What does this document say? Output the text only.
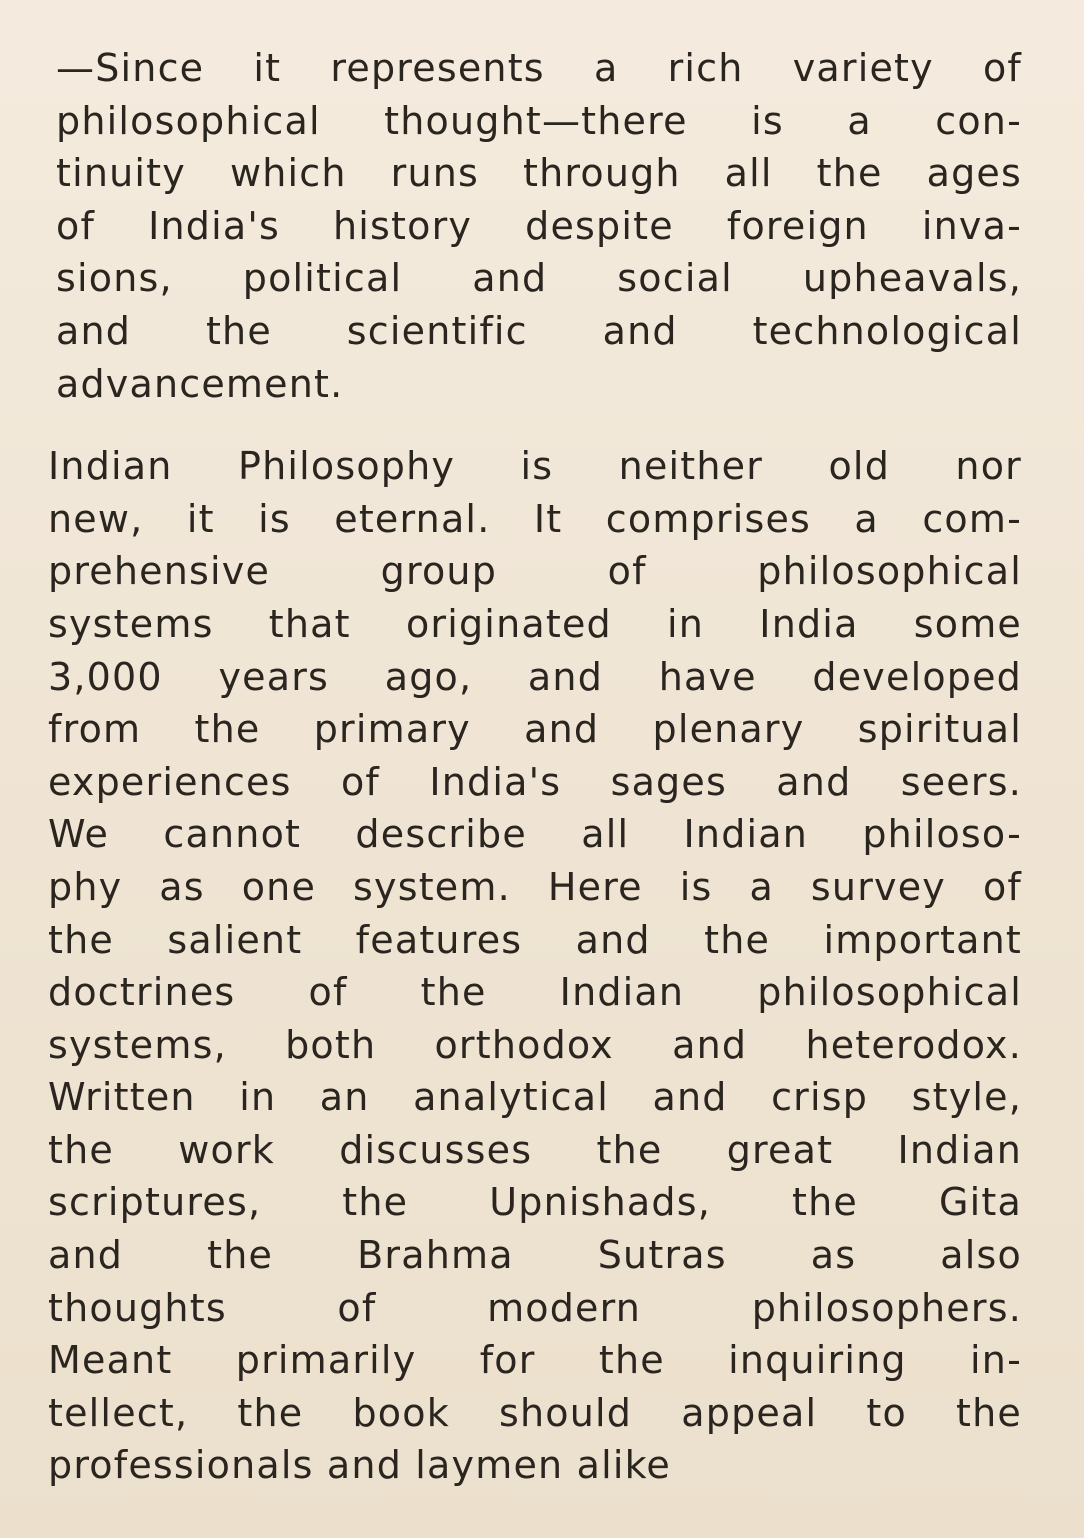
—Since it represents a rich variety of
philosophical thought—there is a con-
tinuity which runs through all the ages
of India's history despite foreign inva-
sions, political and social upheavals,
and the scientific and technological
advancement.
Indian Philosophy is neither old nor
new, it is eternal. It comprises a com-
prehensive group of philosophical
systems that originated in India some
3,000 years ago, and have developed
from the primary and plenary spiritual
experiences of India's sages and seers.
We cannot describe all Indian philoso-
phy as one system. Here is a survey of
the salient features and the important
doctrines of the Indian philosophical
systems, both orthodox and heterodox.
Written in an analytical and crisp style,
the work discusses the great Indian
scriptures, the Upnishads, the Gita
and the Brahma Sutras as also
thoughts of modern philosophers.
Meant primarily for the inquiring in-
tellect, the book should appeal to the
professionals and laymen alike
